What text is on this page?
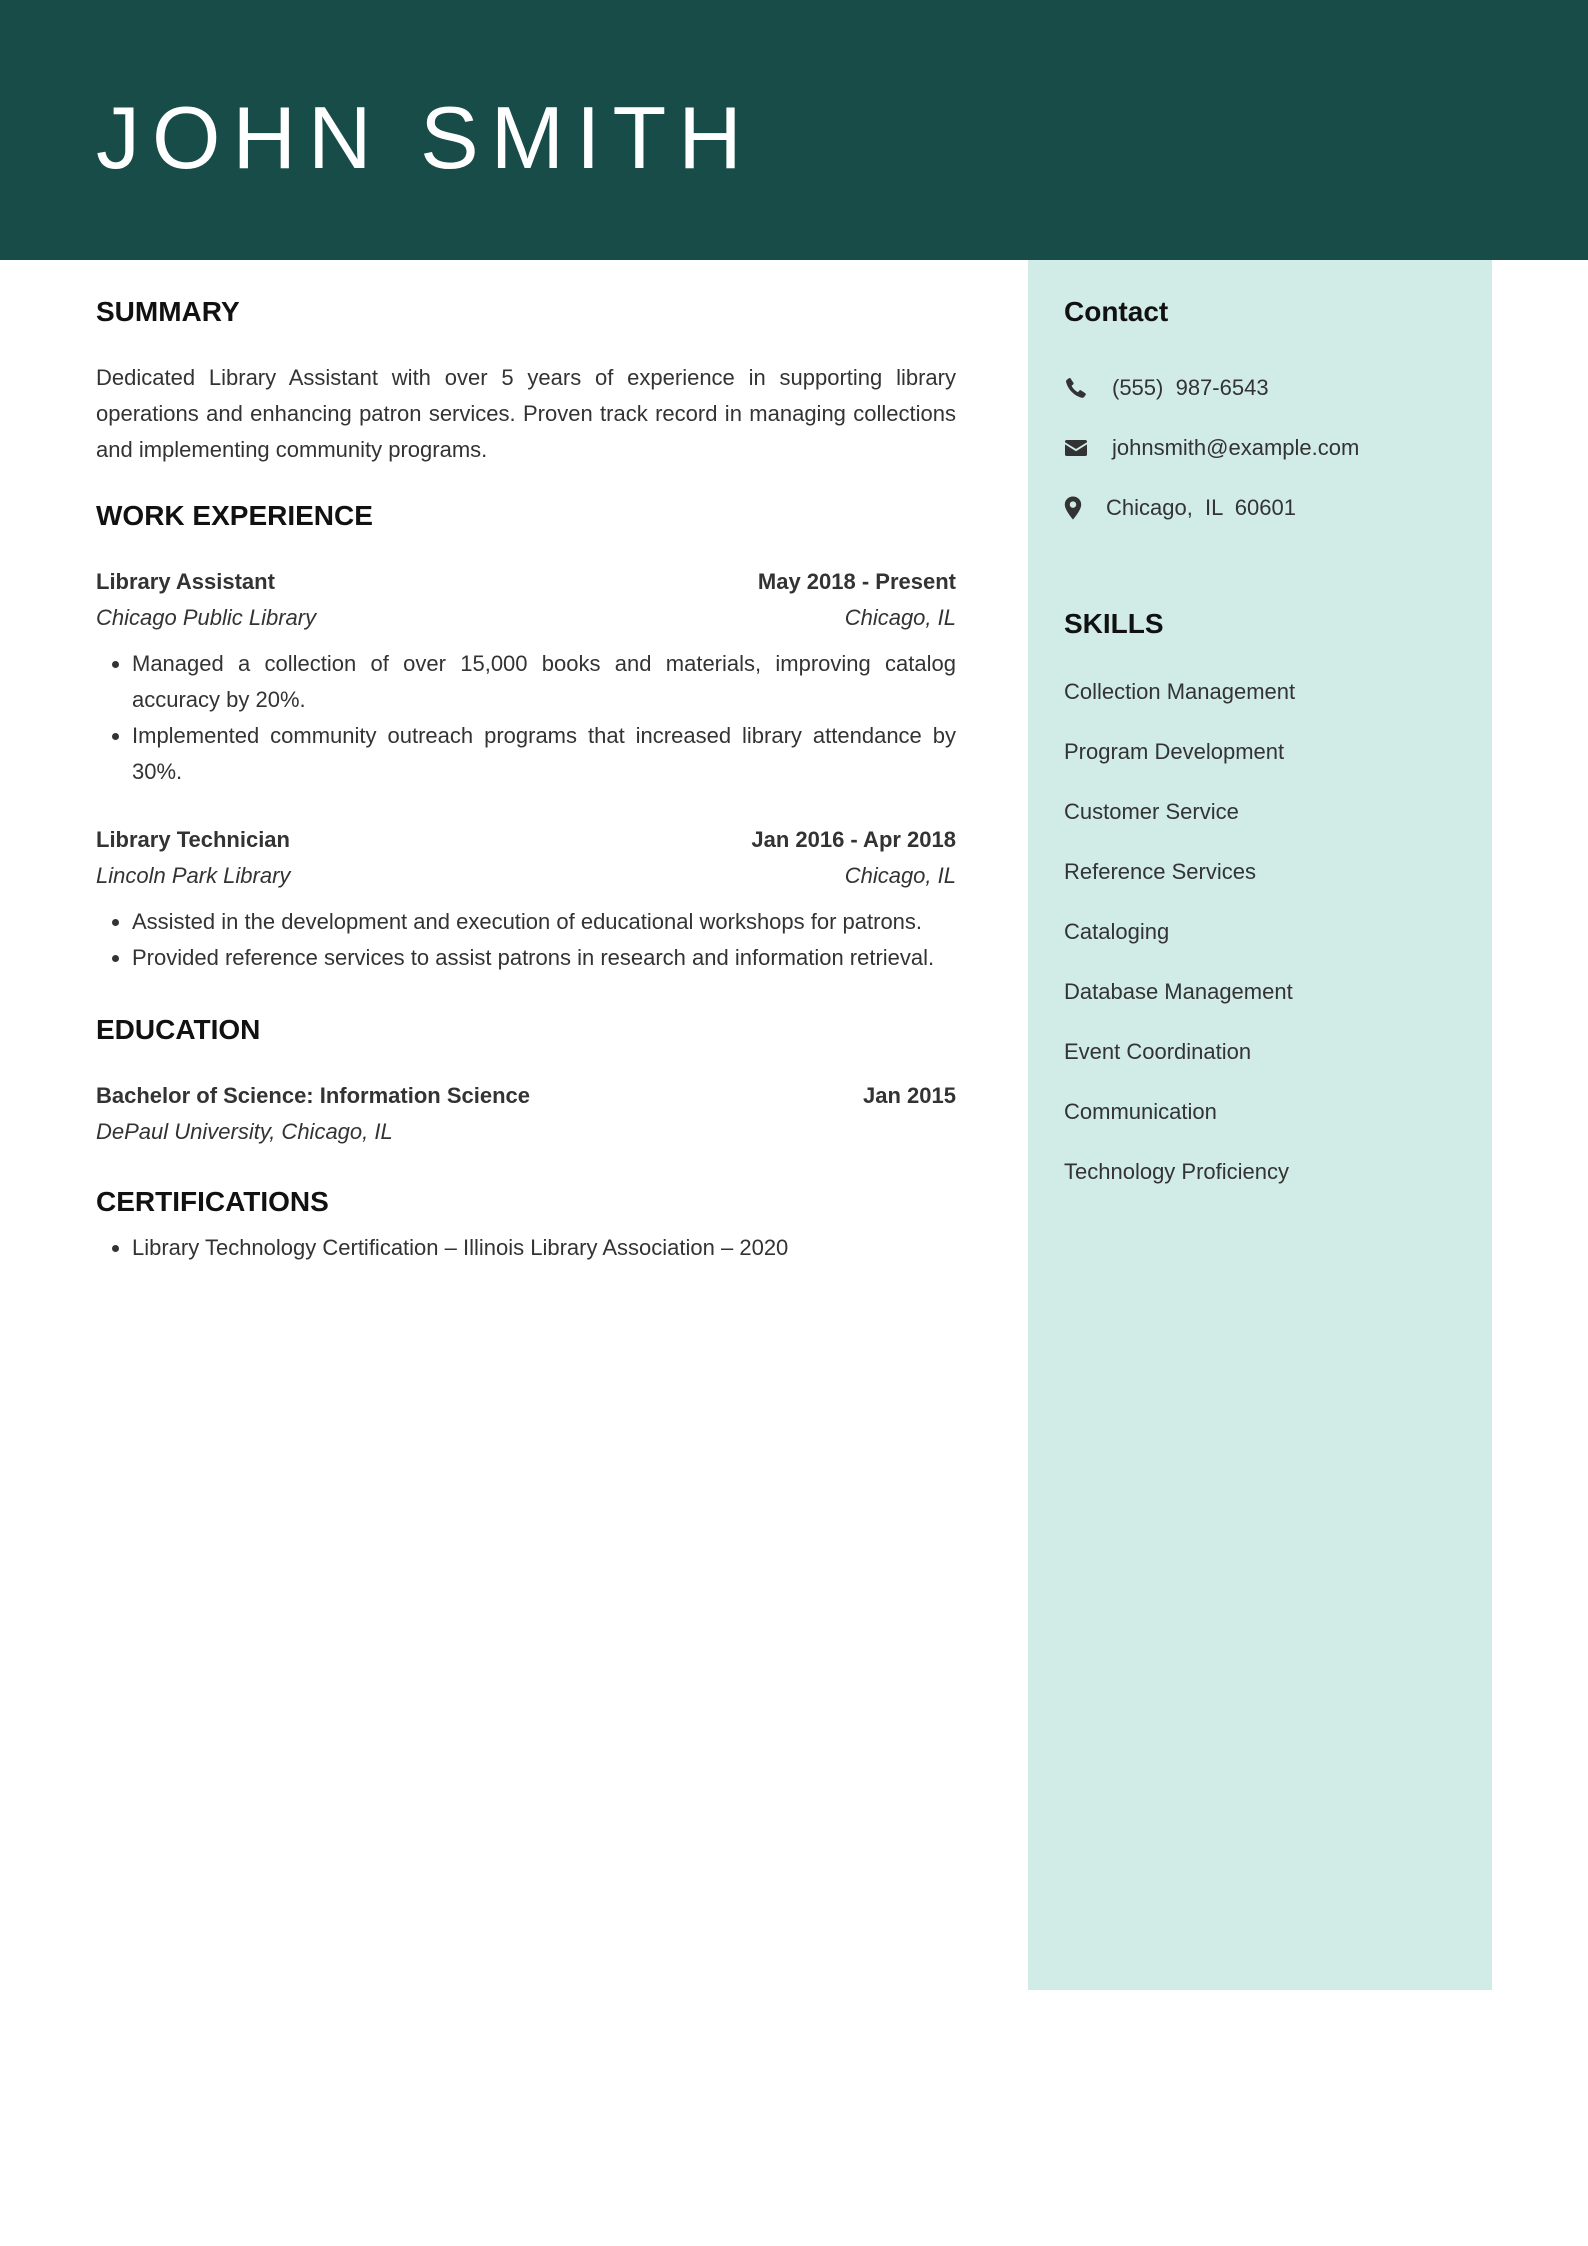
JOHN SMITH
SUMMARY

Dedicated Library Assistant with over 5 years of experience in supporting library operations and enhancing patron services. Proven track record in managing collections and implementing community programs.

WORK EXPERIENCE
Library Assistant	May 2018 - Present
Chicago Public Library	Chicago, IL
• Managed a collection of over 15,000 books and materials, improving catalog accuracy by 20%.
• Implemented community outreach programs that increased library attendance by 30%.
Library Technician	Jan 2016 - Apr 2018
Lincoln Park Library	Chicago, IL
• Assisted in the development and execution of educational workshops for patrons.
• Provided reference services to assist patrons in research and information retrieval.
EDUCATION
Bachelor of Science: Information Science	Jan 2015
DePaul University, Chicago, IL
CERTIFICATIONS
• Library Technology Certification – Illinois Library Association – 2020
Contact
(555)  987-6543
johnsmith@example.com
Chicago,  IL  60601
SKILLS
Collection Management
Program Development
Customer Service
Reference Services
Cataloging
Database Management
Event Coordination
Communication
Technology Proficiency
